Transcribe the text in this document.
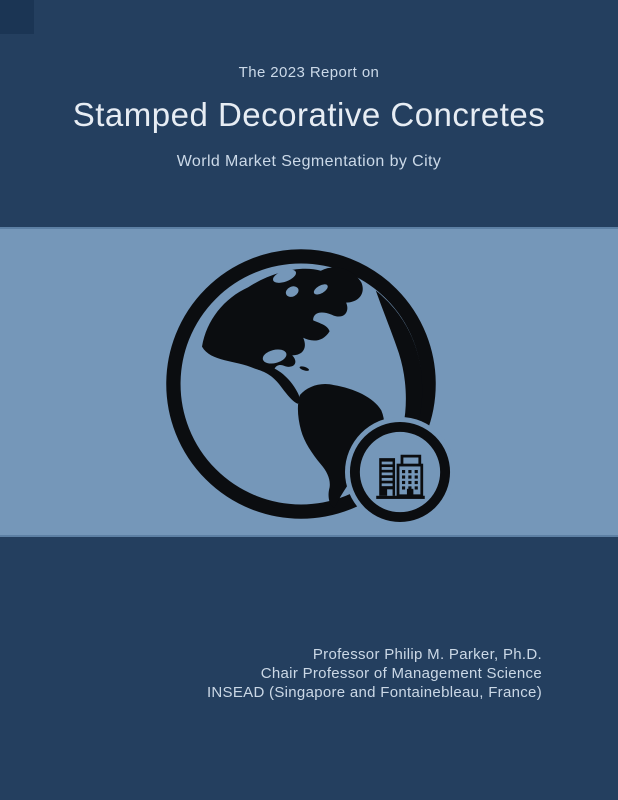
The 2023 Report on
Stamped Decorative Concretes
World Market Segmentation by City
Professor Philip M. Parker, Ph.D.
Chair Professor of Management Science
INSEAD (Singapore and Fontainebleau, France)
